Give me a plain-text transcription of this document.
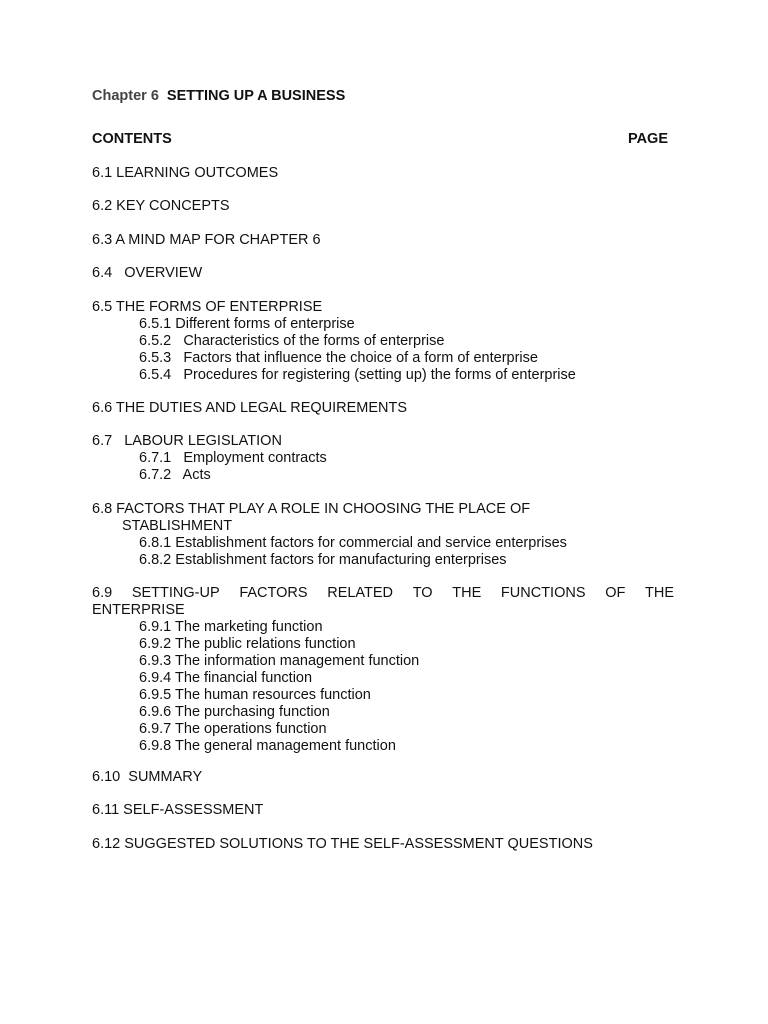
Chapter 6 SETTING UP A BUSINESS
CONTENTS	PAGE
6.1 LEARNING OUTCOMES
6.2 KEY CONCEPTS
6.3 A MIND MAP FOR CHAPTER 6
6.4   OVERVIEW
6.5 THE FORMS OF ENTERPRISE
6.5.1 Different forms of enterprise
6.5.2   Characteristics of the forms of enterprise
6.5.3   Factors that influence the choice of a form of enterprise
6.5.4   Procedures for registering (setting up) the forms of enterprise
6.6 THE DUTIES AND LEGAL REQUIREMENTS
6.7   LABOUR LEGISLATION
6.7.1   Employment contracts
6.7.2   Acts
6.8 FACTORS THAT PLAY A ROLE IN CHOOSING THE PLACE OF
STABLISHMENT
6.8.1 Establishment factors for commercial and service enterprises
6.8.2 Establishment factors for manufacturing enterprises
6.9 SETTING-UP FACTORS RELATED TO THE FUNCTIONS OF THE
ENTERPRISE
6.9.1 The marketing function
6.9.2 The public relations function
6.9.3 The information management function
6.9.4 The financial function
6.9.5 The human resources function
6.9.6 The purchasing function
6.9.7 The operations function
6.9.8 The general management function
6.10  SUMMARY
6.11 SELF-ASSESSMENT
6.12 SUGGESTED SOLUTIONS TO THE SELF-ASSESSMENT QUESTIONS
